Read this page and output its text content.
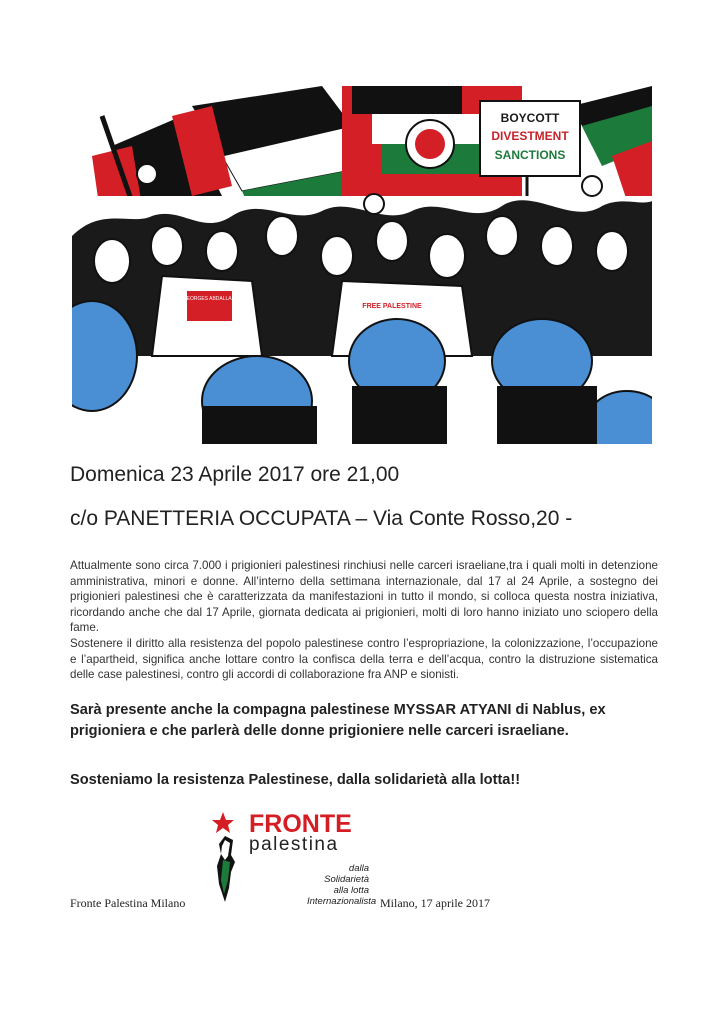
BOYCOTT
DIVESTMENT
SANCTIONS
GEORGES ABDALLAH
FREE PALESTINE
Domenica 23 Aprile 2017 ore 21,00
c/o PANETTERIA OCCUPATA – Via Conte Rosso,20 -

Attualmente sono circa 7.000 i prigionieri palestinesi rinchiusi nelle carceri israeliane,tra i quali molti in detenzione amministrativa, minori e donne. All’interno della settimana internazionale, dal 17 al 24 Aprile, a sostegno dei prigionieri palestinesi che è caratterizzata da manifestazioni in tutto il mondo, si colloca questa nostra iniziativa, ricordando anche che dal 17 Aprile, giornata dedicata ai prigionieri, molti di loro hanno iniziato uno sciopero della fame.

Sostenere il diritto alla resistenza del popolo palestinese contro l’espropriazione, la colonizzazione, l’occupazione e l’apartheid, significa anche lottare contro la confisca della terra e dell’acqua, contro la distruzione sistematica delle case palestinesi, contro gli accordi di collaborazione fra ANP e sionisti.

Sarà presente anche la compagna palestinese MYSSAR ATYANI di Nablus, ex prigioniera e che parlerà delle donne prigioniere nelle carceri israeliane.
Sosteniamo la resistenza Palestinese, dalla solidarietà alla lotta!!
FRONTE
palestina
dalla Solidarietà alla lotta Internazionalista
Fronte Palestina Milano	Milano, 17 aprile 2017
